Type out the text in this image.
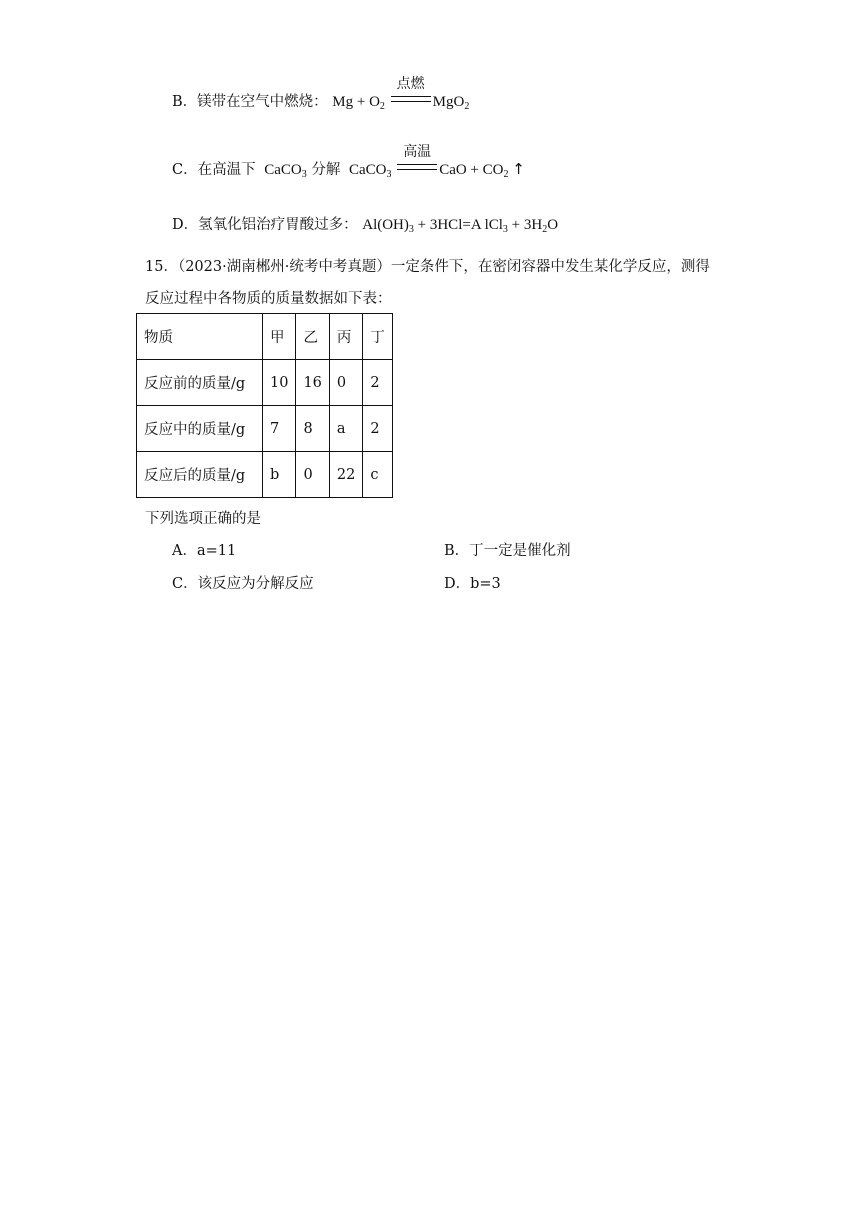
B．镁带在空气中燃烧： $Mg + O_2$
点燃
MgO$_2$
C．在高温下 CaCO$_3$ 分解 CaCO$_3$
高温
CaO + $CO_2$ ↑
D．氢氧化铝治疗胃酸过多： $Al(OH)_3 + 3HCl=A$ $lCl_3 + 3H_2O$
15．（2023·湖南郴州·统考中考真题）一定条件下，在密闭容器中发生某化学反应，测得
反应过程中各物质的质量数据如下表：
物质	甲	乙	丙	丁
反应前的质量/g	10	16	0	2
反应中的质量/g	7	8	a	2
反应后的质量/g	b	0	22	c
下列选项正确的是
A．a=11	B．丁一定是催化剂
C．该反应为分解反应	D．b=3
